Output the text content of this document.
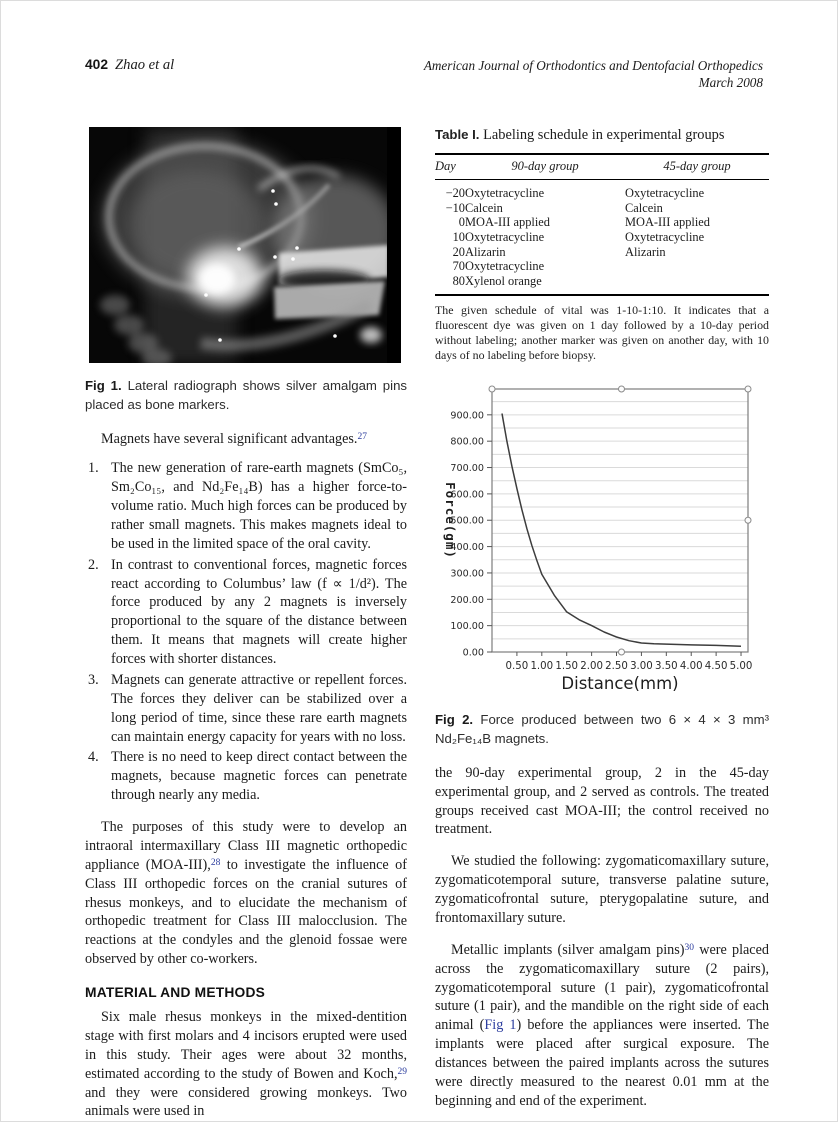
402 Zhao et al	American Journal of Orthodontics and Dentofacial Orthopedics
March 2008

Fig 1. Lateral radiograph shows silver amalgam pins placed as bone markers.

Magnets have several significant advantages.$^{27}$

1. The new generation of rare-earth magnets (SmCo₅, Sm₂Co₁₅, and Nd₂Fe₁₄B) has a higher force-to-volume ratio. Much high forces can be produced by rather small magnets. This makes magnets ideal to be used in the limited space of the oral cavity.
2. In contrast to conventional forces, magnetic forces react according to Columbus’ law (f ∝ 1/d²). The force produced by any 2 magnets is inversely proportional to the square of the distance between them. It means that magnets will create higher forces with shorter distances.
3. Magnets can generate attractive or repellent forces. The forces they deliver can be stabilized over a long period of time, since these rare earth magnets can maintain energy capacity for years with no loss.
4. There is no need to keep direct contact between the magnets, because magnetic forces can penetrate through nearly any media.

The purposes of this study were to develop an intraoral intermaxillary Class III magnetic orthopedic appliance (MOA-III),$^{28}$ to investigate the influence of Class III orthopedic forces on the cranial sutures of rhesus monkeys, and to elucidate the mechanism of orthopedic treatment for Class III malocclusion. The reactions at the condyles and the glenoid fossae were observed by other co-workers.

MATERIAL AND METHODS

Six male rhesus monkeys in the mixed-dentition stage with first molars and 4 incisors erupted were used in this study. Their ages were about 32 months, estimated according to the study of Bowen and Koch,$^{29}$ and they were considered growing monkeys. Two animals were used in

Table I. Labeling schedule in experimental groups

Day	90-day group	45-day group
−20	Oxytetracycline	Oxytetracycline
−10	Calcein	Calcein
0	MOA-III applied	MOA-III applied
10	Oxytetracycline	Oxytetracycline
20	Alizarin	Alizarin
70	Oxytetracycline	
80	Xylenol orange	

The given schedule of vital was 1-10-1:10. It indicates that a fluorescent dye was given on 1 day followed by a 10-day period without labeling; another marker was given on another day, with 10 days of no labeling before biopsy.

0.00
100.00
200.00
300.00
400.00
500.00
600.00
700.00
800.00
900.00
0.50 1.00 1.50 2.00 2.50 3.00 3.50 4.00 4.50 5.00
Distance(mm)
Force(gm)

Fig 2. Force produced between two 6 × 4 × 3 mm³ Nd₂Fe₁₄B magnets.

the 90-day experimental group, 2 in the 45-day experimental group, and 2 served as controls. The treated groups received cast MOA-III; the control received no treatment.

We studied the following: zygomaticomaxillary suture, zygomaticotemporal suture, transverse palatine suture, zygomaticofrontal suture, pterygopalatine suture, and frontomaxillary suture.

Metallic implants (silver amalgam pins)$^{30}$ were placed across the zygomaticomaxillary suture (2 pairs), zygomaticotemporal suture (1 pair), zygomaticofrontal suture (1 pair), and the mandible on the right side of each animal (Fig 1) before the appliances were inserted. The implants were placed after surgical exposure. The distances between the paired implants across the sutures were directly measured to the nearest 0.01 mm at the beginning and end of the experiment.
